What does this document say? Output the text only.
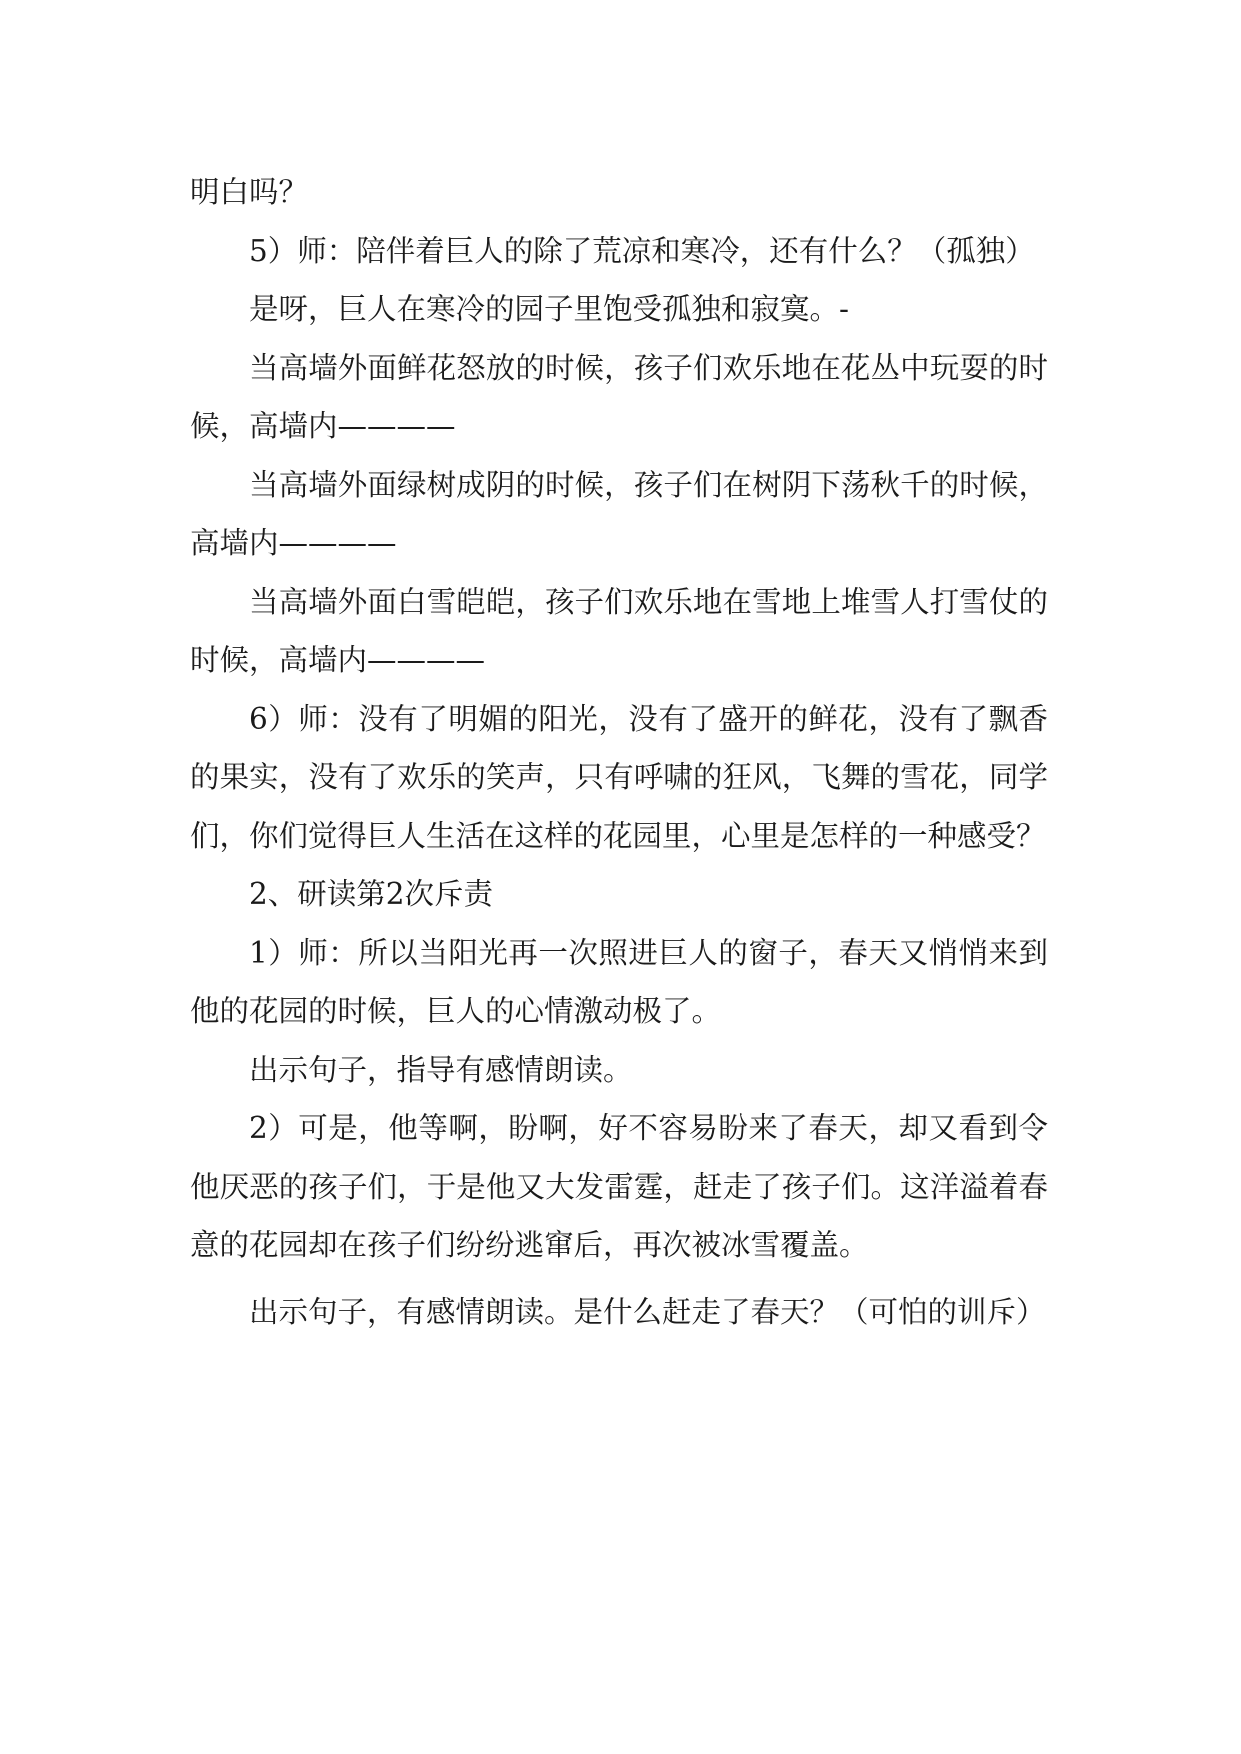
明白吗？

5）师：陪伴着巨人的除了荒凉和寒冷，还有什么？（孤独）

是呀，巨人在寒冷的园子里饱受孤独和寂寞。-

当高墙外面鲜花怒放的时候，孩子们欢乐地在花丛中玩耍的时候，高墙内————

当高墙外面绿树成阴的时候，孩子们在树阴下荡秋千的时候，高墙内————

当高墙外面白雪皑皑，孩子们欢乐地在雪地上堆雪人打雪仗的时候，高墙内————

6）师：没有了明媚的阳光，没有了盛开的鲜花，没有了飘香的果实，没有了欢乐的笑声，只有呼啸的狂风，飞舞的雪花，同学们，你们觉得巨人生活在这样的花园里，心里是怎样的一种感受？

2、研读第2次斥责

1）师：所以当阳光再一次照进巨人的窗子，春天又悄悄来到他的花园的时候，巨人的心情激动极了。

出示句子，指导有感情朗读。

2）可是，他等啊，盼啊，好不容易盼来了春天，却又看到令他厌恶的孩子们，于是他又大发雷霆，赶走了孩子们。这洋溢着春意的花园却在孩子们纷纷逃窜后，再次被冰雪覆盖。

出示句子，有感情朗读。是什么赶走了春天？（可怕的训斥）
